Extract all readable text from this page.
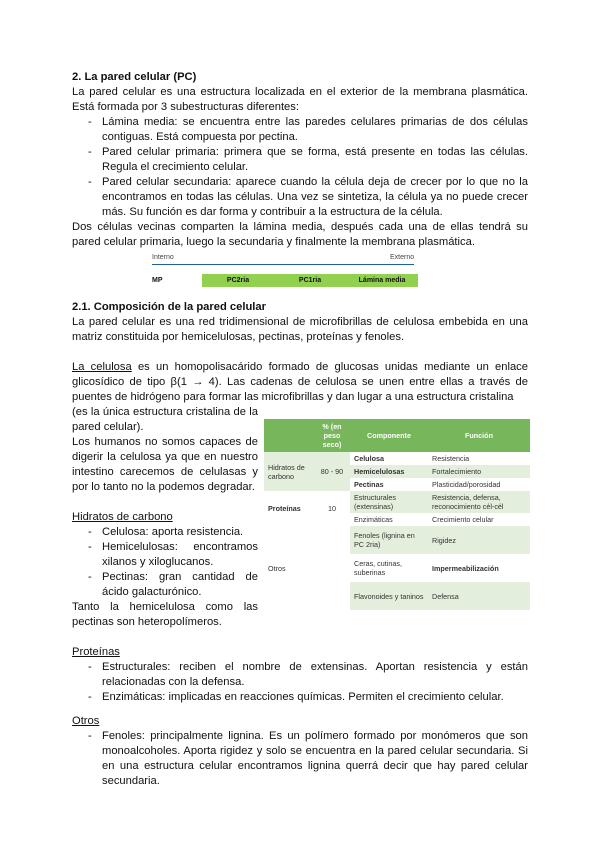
2. La pared celular (PC)

La pared celular es una estructura localizada en el exterior de la membrana plasmática. Está formada por 3 subestructuras diferentes:

- Lámina media: se encuentra entre las paredes celulares primarias de dos células contiguas. Está compuesta por pectina.
- Pared celular primaria: primera que se forma, está presente en todas las células. Regula el crecimiento celular.
- Pared celular secundaria: aparece cuando la célula deja de crecer por lo que no la encontramos en todas las células. Una vez se sintetiza, la célula ya no puede crecer más. Su función es dar forma y contribuir a la estructura de la célula.

Dos células vecinas comparten la lámina media, después cada una de ellas tendrá su pared celular primaria, luego la secundaria y finalmente la membrana plasmática.

Interno	Externo
MP	PC2ria	PC1ria	Lámina media
2.1. Composición de la pared celular

La pared celular es una red tridimensional de microfibrillas de celulosa embebida en una matriz constituida por hemicelulosas, pectinas, proteínas y fenoles.

La celulosa es un homopolisacárido formado de glucosas unidas mediante un enlace glicosídico de tipo β(1 → 4). Las cadenas de celulosa se unen entre ellas a través de puentes de hidrógeno para formar las microfibrillas y dan lugar a una estructura cristalina

(es la única estructura cristalina de la pared celular).

Los humanos no somos capaces de digerir la celulosa ya que en nuestro intestino carecemos de celulasas y por lo tanto no la podemos degradar.

Hidratos de carbono
- Celulosa: aporta resistencia.
- Hemicelulosas: encontramos xilanos y xiloglucanos.
- Pectinas: gran cantidad de ácido galacturónico.

Tanto la hemicelulosa como las pectinas son heteropolímeros.

	% (en peso seco)	Componente	Función
Hidratos de carbono	80 - 90	Celulosa	Resistencia
		Hemicelulosas	Fortalecimiento
		Pectinas	Plasticidad/porosidad
Proteínas	10	Estructurales (extensinas)	Resistencia, defensa, reconocimiento cél-cél
		Enzimáticas	Crecimiento celular
Otros		Fenoles (lignina en PC 2ria)	Rigidez
		Ceras, cutinas, suberinas	Impermeabilización
		Flavonoides y taninos	Defensa
Proteínas
- Estructurales: reciben el nombre de extensinas. Aportan resistencia y están relacionadas con la defensa.
- Enzimáticas: implicadas en reacciones químicas. Permiten el crecimiento celular.
Otros
- Fenoles: principalmente lignina. Es un polímero formado por monómeros que son monoalcoholes. Aporta rigidez y solo se encuentra en la pared celular secundaria. Si en una estructura celular encontramos lignina querrá decir que hay pared celular secundaria.
